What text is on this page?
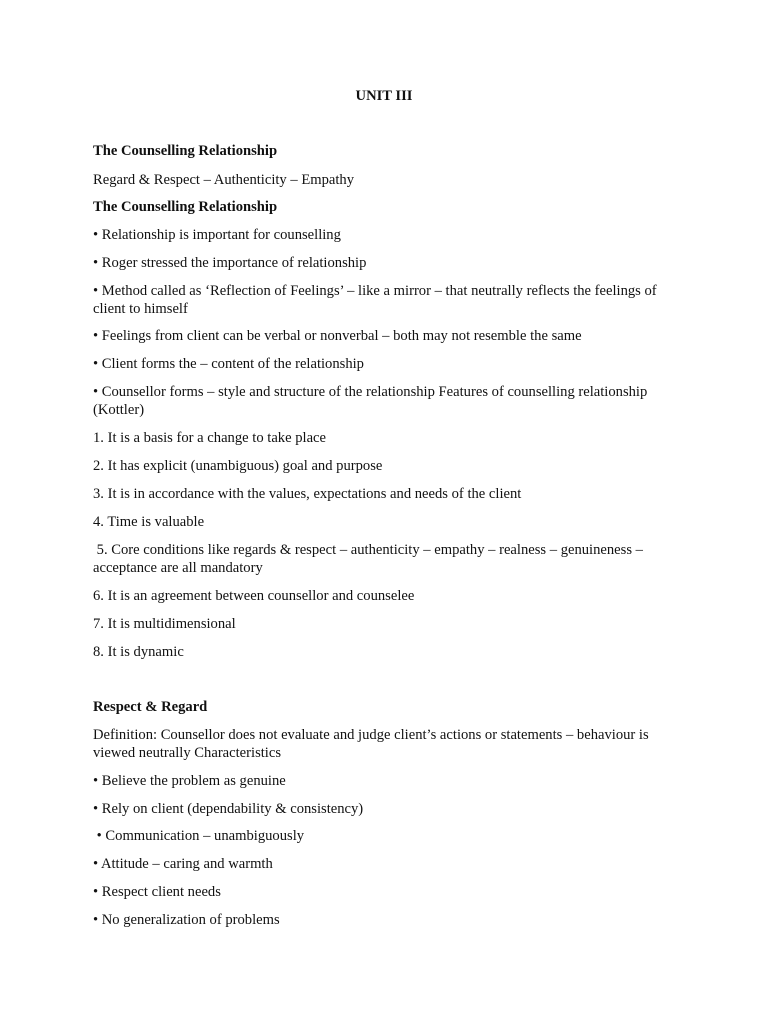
UNIT III

The Counselling Relationship

Regard & Respect – Authenticity – Empathy

The Counselling Relationship

• Relationship is important for counselling

• Roger stressed the importance of relationship

• Method called as ‘Reflection of Feelings’ – like a mirror – that neutrally reflects the feelings of client to himself

• Feelings from client can be verbal or nonverbal – both may not resemble the same

• Client forms the – content of the relationship

• Counsellor forms – style and structure of the relationship Features of counselling relationship (Kottler)

1. It is a basis for a change to take place

2. It has explicit (unambiguous) goal and purpose

3. It is in accordance with the values, expectations and needs of the client

4. Time is valuable

5. Core conditions like regards & respect – authenticity – empathy – realness – genuineness – acceptance are all mandatory

6. It is an agreement between counsellor and counselee

7. It is multidimensional

8. It is dynamic

Respect & Regard

Definition: Counsellor does not evaluate and judge client’s actions or statements – behaviour is viewed neutrally Characteristics

• Believe the problem as genuine

• Rely on client (dependability & consistency)

• Communication – unambiguously

• Attitude – caring and warmth

• Respect client needs

• No generalization of problems
